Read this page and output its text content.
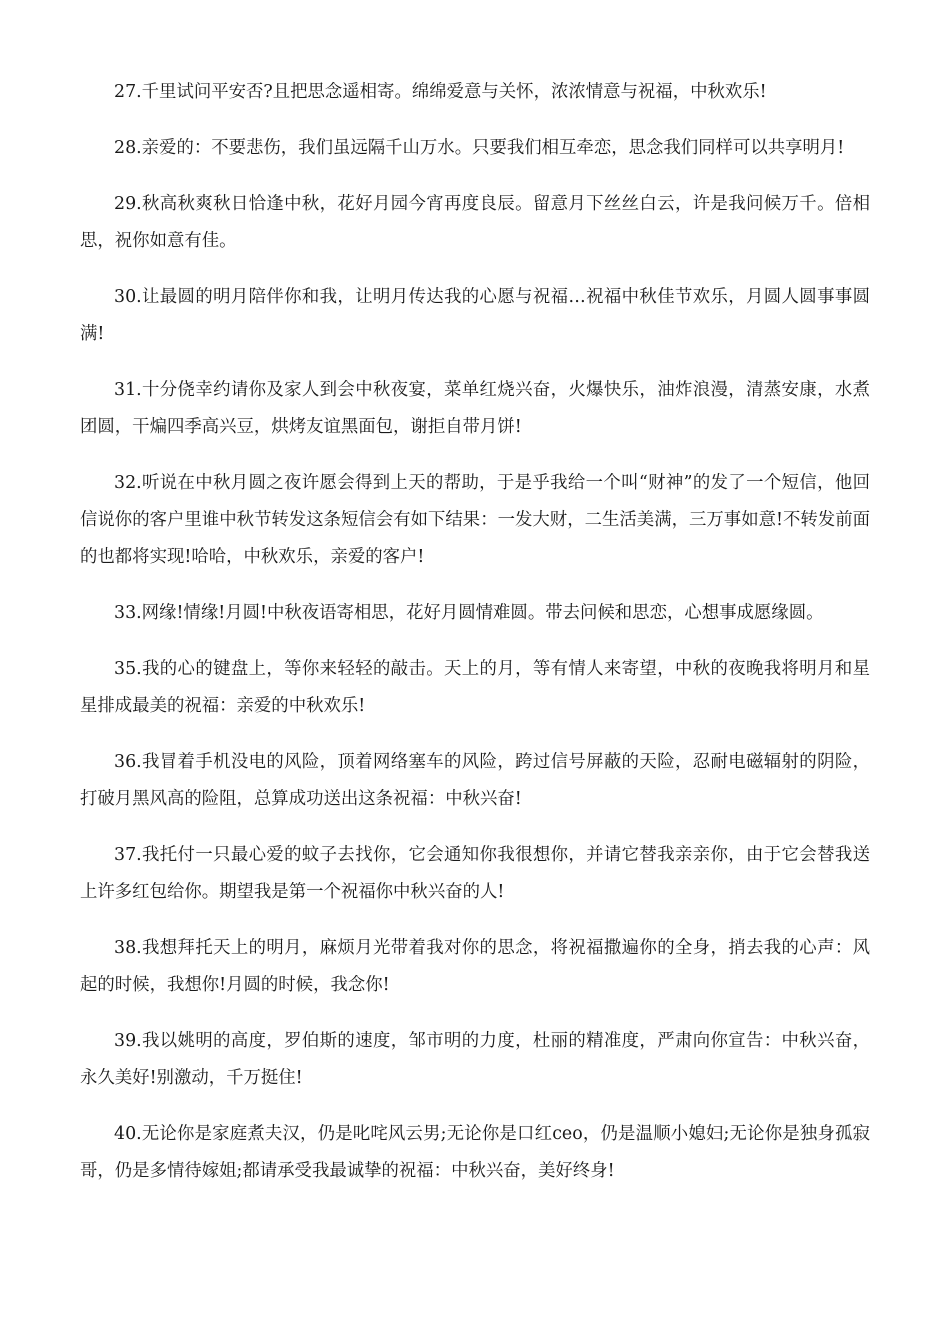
27.千里试问平安否?且把思念遥相寄。绵绵爱意与关怀，浓浓情意与祝福，中秋欢乐!

28.亲爱的：不要悲伤，我们虽远隔千山万水。只要我们相互牵恋，思念我们同样可以共享明月!

29.秋高秋爽秋日恰逢中秋，花好月园今宵再度良辰。留意月下丝丝白云，许是我问候万千。倍相思，祝你如意有佳。

30.让最圆的明月陪伴你和我，让明月传达我的心愿与祝福…祝福中秋佳节欢乐，月圆人圆事事圆满!

31.十分侥幸约请你及家人到会中秋夜宴，菜单红烧兴奋，火爆快乐，油炸浪漫，清蒸安康，水煮团圆，干煸四季高兴豆，烘烤友谊黑面包，谢拒自带月饼!

32.听说在中秋月圆之夜许愿会得到上天的帮助，于是乎我给一个叫“财神”的发了一个短信，他回信说你的客户里谁中秋节转发这条短信会有如下结果：一发大财，二生活美满，三万事如意!不转发前面的也都将实现!哈哈，中秋欢乐，亲爱的客户!

33.网缘!情缘!月圆!中秋夜语寄相思，花好月圆情难圆。带去问候和思恋，心想事成愿缘圆。

35.我的心的键盘上，等你来轻轻的敲击。天上的月，等有情人来寄望，中秋的夜晚我将明月和星星排成最美的祝福：亲爱的中秋欢乐!

36.我冒着手机没电的风险，顶着网络塞车的风险，跨过信号屏蔽的天险，忍耐电磁辐射的阴险，打破月黑风高的险阻，总算成功送出这条祝福：中秋兴奋!

37.我托付一只最心爱的蚊子去找你，它会通知你我很想你，并请它替我亲亲你，由于它会替我送上许多红包给你。期望我是第一个祝福你中秋兴奋的人!

38.我想拜托天上的明月，麻烦月光带着我对你的思念，将祝福撒遍你的全身，捎去我的心声：风起的时候，我想你!月圆的时候，我念你!

39.我以姚明的高度，罗伯斯的速度，邹市明的力度，杜丽的精准度，严肃向你宣告：中秋兴奋，永久美好!别激动，千万挺住!

40.无论你是家庭煮夫汉，仍是叱咤风云男;无论你是口红ceo，仍是温顺小媳妇;无论你是独身孤寂哥，仍是多情待嫁姐;都请承受我最诚挚的祝福：中秋兴奋，美好终身!
